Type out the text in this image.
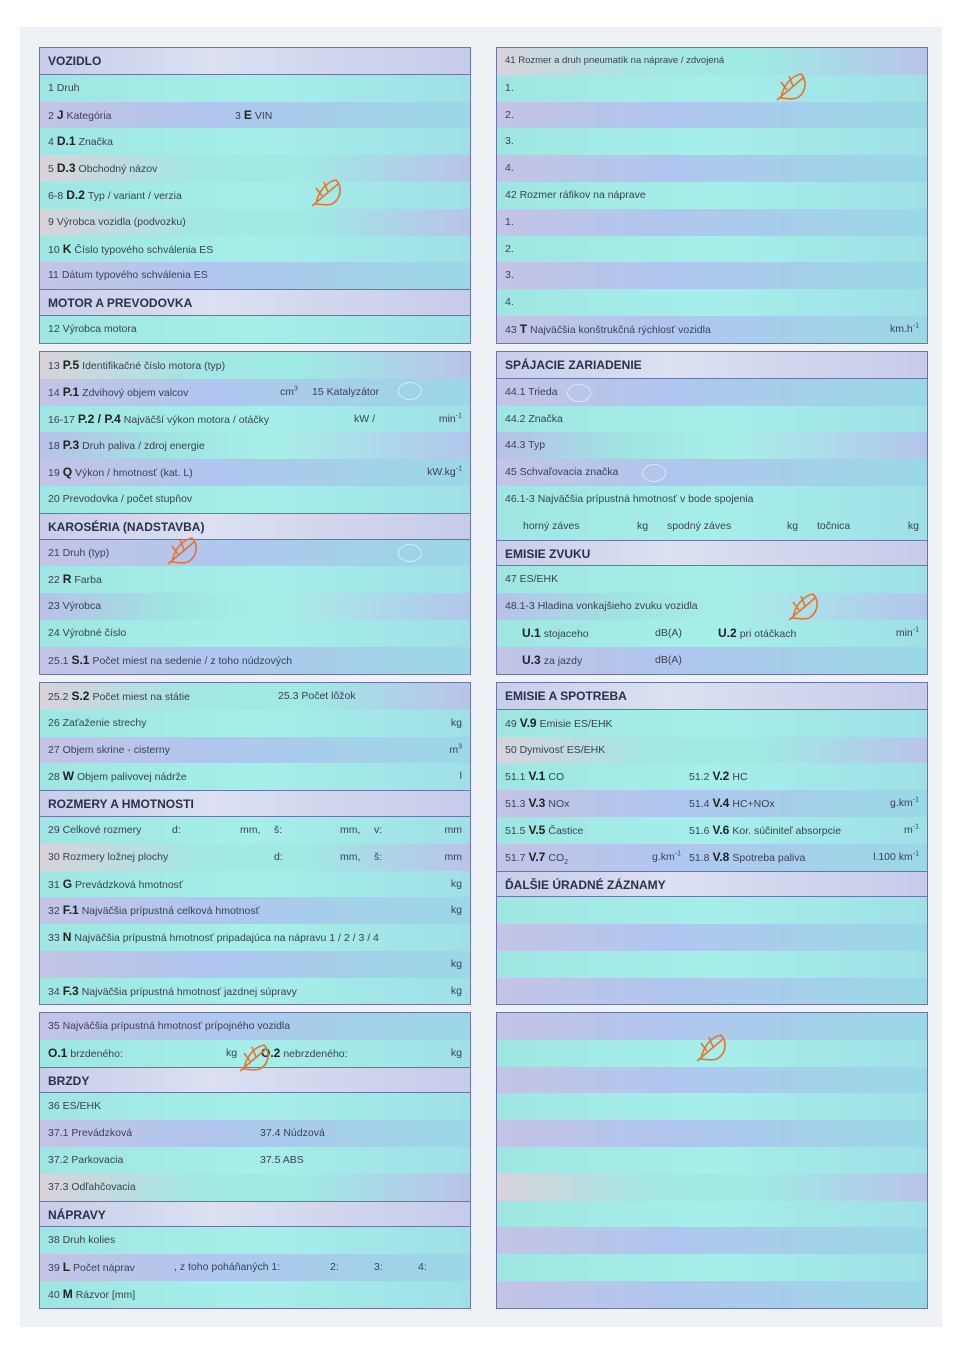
VOZIDLO
1 Druh
2 J Kategória	3 E VIN
4 D.1 Značka
5 D.3 Obchodný názov
6-8 D.2 Typ / variant / verzia
9 Výrobca vozidla (podvozku)
10 K Číslo typového schválenia ES
11 Dátum typového schválenia ES
MOTOR A PREVODOVKA
12 Výrobca motora
41 Rozmer a druh pneumatík na náprave / zdvojená
1.
2.
3.
4.
42 Rozmer ráfikov na náprave
1.
2.
3.
4.
43 T Najväčšia konštrukčná rýchlosť vozidla	$km.h^{-1}$
13 P.5 Identifikačné číslo motora (typ)
14 P.1 Zdvihový objem valcov	$cm^3$ 15 Katalyzátor
16-17 P.2 / P.4 Najväčší výkon motora / otáčky	kW /	$\min^{-1}$
18 P.3 Druh paliva / zdroj energie
19 Q Výkon / hmotnosť (kat. L)	$kW.kg^{-1}$
20 Prevodovka / počet stupňov
KAROSÉRIA (NADSTAVBA)
21 Druh (typ)
22 R Farba
23 Výrobca
24 Výrobné číslo
25.1 S.1 Počet miest na sedenie / z toho núdzových
SPÁJACIE ZARIADENIE
44.1 Trieda
44.2 Značka
44.3 Typ
45 Schvaľovacia značka
46.1-3 Najväčšia prípustná hmotnosť v bode spojenia
horný záves	kg spodný záves	kg točnica	kg
EMISIE ZVUKU
47 ES/EHK
48.1-3 Hladina vonkajšieho zvuku vozidla
U.1 stojaceho	dB(A)	U.2 pri otáčkach	$\min^{-1}$
U.3 za jazdy	dB(A)
25.2 S.2 Počet miest na státie	25.3 Počet lôžok
26 Zaťaženie strechy	kg
27 Objem skrine - cisterny	$m^3$
28 W Objem palivovej nádrže	l
ROZMERY A HMOTNOSTI
29 Celkové rozmery	d:	mm, š:	mm, v:	mm
30 Rozmery ložnej plochy	d:	mm, š:	mm
31 G Prevádzková hmotnosť	kg
32 F.1 Najväčšia prípustná celková hmotnosť	kg
33 N Najväčšia prípustná hmotnosť pripadajúca na nápravu 1 / 2 / 3 / 4
kg
34 F.3 Najväčšia prípustná hmotnosť jazdnej súpravy	kg
EMISIE A SPOTREBA
49 V.9 Emisie ES/EHK
50 Dymivosť ES/EHK
51.1 V.1 CO	51.2 V.2 HC
51.3 V.3 NOx	51.4 V.4 HC+NOx	$g.km^{-1}$
51.5 V.5 Častice	51.6 V.6 Kor. súčiniteľ absorpcie	$m^{-1}$
51.7 V.7 $CO_2$	$g.km^{-1}$ 51.8 V.8 Spotreba paliva	l.100 $km^{-1}$
ĎALŠIE ÚRADNÉ ZÁZNAMY
35 Najväčšia prípustná hmotnosť prípojného vozidla
O.1 brzdeného:	kg O.2 nebrzdeného:	kg
BRZDY
36 ES/EHK
37.1 Prevádzková	37.4 Núdzová
37.2 Parkovacia	37.5 ABS
37.3 Odľahčovacia
NÁPRAVY
38 Druh kolies
39 L Počet náprav	, z toho poháňaných 1:	2:	3:	4:
40 M Rázvor [mm]
